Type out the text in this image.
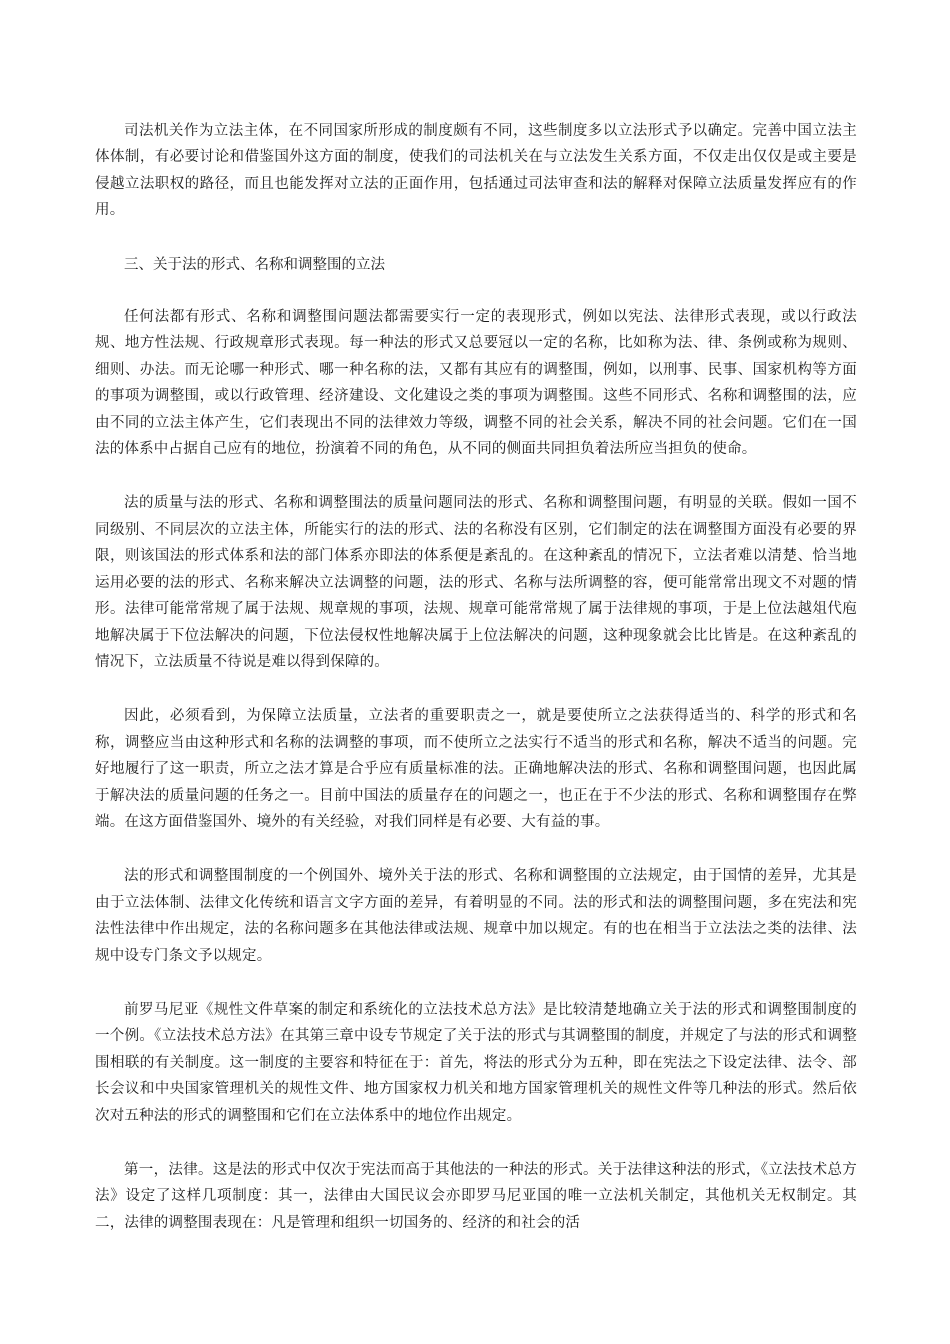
司法机关作为立法主体，在不同国家所形成的制度颇有不同，这些制度多以立法形式予以确定。完善中国立法主体体制，有必要讨论和借鉴国外这方面的制度，使我们的司法机关在与立法发生关系方面，不仅走出仅仅是或主要是侵越立法职权的路径，而且也能发挥对立法的正面作用，包括通过司法审查和法的解释对保障立法质量发挥应有的作用。

三、关于法的形式、名称和调整围的立法

任何法都有形式、名称和调整围问题法都需要实行一定的表现形式，例如以宪法、法律形式表现，或以行政法规、地方性法规、行政规章形式表现。每一种法的形式又总要冠以一定的名称，比如称为法、律、条例或称为规则、细则、办法。而无论哪一种形式、哪一种名称的法，又都有其应有的调整围，例如，以刑事、民事、国家机构等方面的事项为调整围，或以行政管理、经济建设、文化建设之类的事项为调整围。这些不同形式、名称和调整围的法，应由不同的立法主体产生，它们表现出不同的法律效力等级，调整不同的社会关系，解决不同的社会问题。它们在一国法的体系中占据自己应有的地位，扮演着不同的角色，从不同的侧面共同担负着法所应当担负的使命。

法的质量与法的形式、名称和调整围法的质量问题同法的形式、名称和调整围问题，有明显的关联。假如一国不同级别、不同层次的立法主体，所能实行的法的形式、法的名称没有区别，它们制定的法在调整围方面没有必要的界限，则该国法的形式体系和法的部门体系亦即法的体系便是紊乱的。在这种紊乱的情况下，立法者难以清楚、恰当地运用必要的法的形式、名称来解决立法调整的问题，法的形式、名称与法所调整的容，便可能常常出现文不对题的情形。法律可能常常规了属于法规、规章规的事项，法规、规章可能常常规了属于法律规的事项，于是上位法越俎代庖地解决属于下位法解决的问题，下位法侵权性地解决属于上位法解决的问题，这种现象就会比比皆是。在这种紊乱的情况下，立法质量不待说是难以得到保障的。

因此，必须看到，为保障立法质量，立法者的重要职责之一，就是要使所立之法获得适当的、科学的形式和名称，调整应当由这种形式和名称的法调整的事项，而不使所立之法实行不适当的形式和名称，解决不适当的问题。完好地履行了这一职责，所立之法才算是合乎应有质量标准的法。正确地解决法的形式、名称和调整围问题，也因此属于解决法的质量问题的任务之一。目前中国法的质量存在的问题之一，也正在于不少法的形式、名称和调整围存在弊端。在这方面借鉴国外、境外的有关经验，对我们同样是有必要、大有益的事。

法的形式和调整围制度的一个例国外、境外关于法的形式、名称和调整围的立法规定，由于国情的差异，尤其是由于立法体制、法律文化传统和语言文字方面的差异，有着明显的不同。法的形式和法的调整围问题，多在宪法和宪法性法律中作出规定，法的名称问题多在其他法律或法规、规章中加以规定。有的也在相当于立法法之类的法律、法规中设专门条文予以规定。

前罗马尼亚《规性文件草案的制定和系统化的立法技术总方法》是比较清楚地确立关于法的形式和调整围制度的一个例。《立法技术总方法》在其第三章中设专节规定了关于法的形式与其调整围的制度，并规定了与法的形式和调整围相联的有关制度。这一制度的主要容和特征在于：首先，将法的形式分为五种，即在宪法之下设定法律、法令、部长会议和中央国家管理机关的规性文件、地方国家权力机关和地方国家管理机关的规性文件等几种法的形式。然后依次对五种法的形式的调整围和它们在立法体系中的地位作出规定。

第一，法律。这是法的形式中仅次于宪法而高于其他法的一种法的形式。关于法律这种法的形式，《立法技术总方法》设定了这样几项制度：其一，法律由大国民议会亦即罗马尼亚国的唯一立法机关制定，其他机关无权制定。其二，法律的调整围表现在：凡是管理和组织一切国务的、经济的和社会的活
